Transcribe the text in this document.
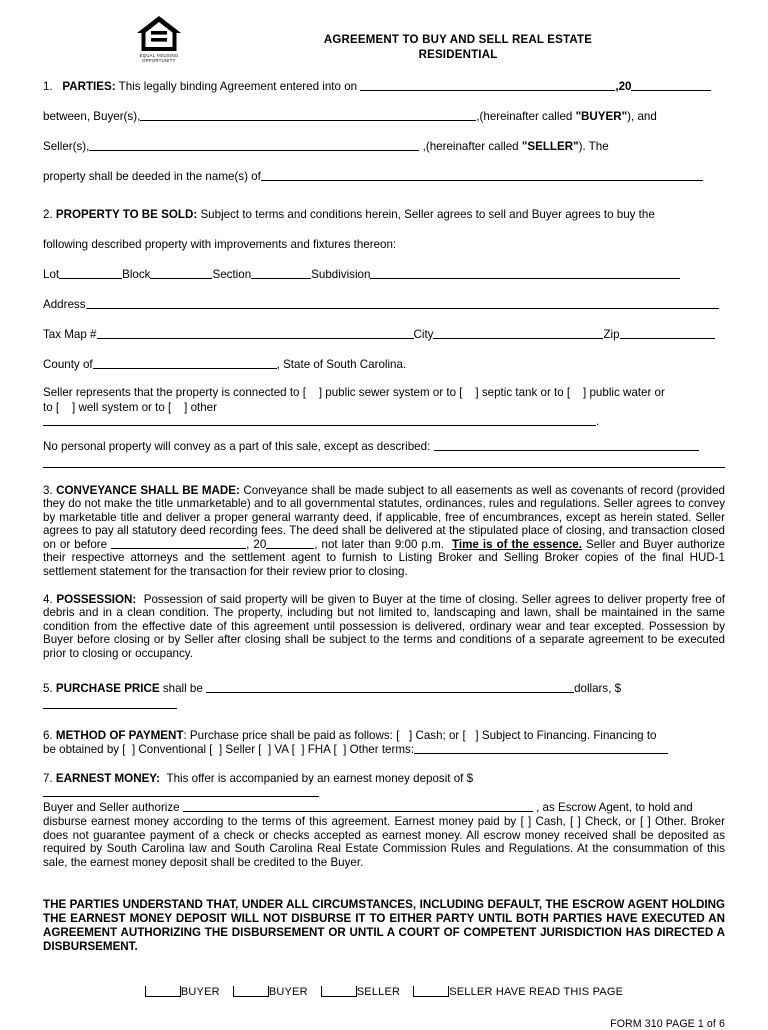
EQUAL HOUSING
OPPORTUNITY
AGREEMENT TO BUY AND SELL REAL ESTATE
RESIDENTIAL
1. PARTIES: This legally binding Agreement entered into on	,20
between, Buyer(s),	,(hereinafter called "BUYER"), and
Seller(s),	,(hereinafter called "SELLER"). The
property shall be deeded in the name(s) of
2. PROPERTY TO BE SOLD: Subject to terms and conditions herein, Seller agrees to sell and Buyer agrees to buy the
following described property with improvements and fixtures thereon:
Lot	Block	Section	Subdivision
Address
Tax Map #	City	Zip
County of	, State of South Carolina.
Seller represents that the property is connected to [ ] public sewer system or to [ ] septic tank or to [ ] public water or
to [ ] well system or to [ ] other.
No personal property will convey as a part of this sale, except as described:
3. CONVEYANCE SHALL BE MADE: Conveyance shall be made subject to all easements as well as covenants of record (provided they do not make the title unmarketable) and to all governmental statutes, ordinances, rules and regulations. Seller agrees to convey by marketable title and deliver a proper general warranty deed, if applicable, free of encumbrances, except as herein stated. Seller agrees to pay all statutory deed recording fees. The deed shall be delivered at the stipulated place of closing, and transaction closed on or before	, 20	, not later than 9:00 p.m. Time is of the essence. Seller and Buyer authorize their respective attorneys and the settlement agent to furnish to Listing Broker and Selling Broker copies of the final HUD-1 settlement statement for the transaction for their review prior to closing.
4. POSSESSION: Possession of said property will be given to Buyer at the time of closing. Seller agrees to deliver property free of debris and in a clean condition. The property, including but not limited to, landscaping and lawn, shall be maintained in the same condition from the effective date of this agreement until possession is delivered, ordinary wear and tear excepted. Possession by Buyer before closing or by Seller after closing shall be subject to the terms and conditions of a separate agreement to be executed prior to closing or occupancy.
5. PURCHASE PRICE shall be	dollars, $
6. METHOD OF PAYMENT: Purchase price shall be paid as follows: [ ] Cash; or [ ] Subject to Financing. Financing to
be obtained by [ ] Conventional [ ] Seller [ ] VA [ ] FHA [ ] Other terms:
7. EARNEST MONEY: This offer is accompanied by an earnest money deposit of $
Buyer and Seller authorize	, as Escrow Agent, to hold and
disburse earnest money according to the terms of this agreement. Earnest money paid by [ ] Cash, [ ] Check, or [ ] Other. Broker does not guarantee payment of a check or checks accepted as earnest money. All escrow money received shall be deposited as required by South Carolina law and South Carolina Real Estate Commission Rules and Regulations. At the consummation of this sale, the earnest money deposit shall be credited to the Buyer.
THE PARTIES UNDERSTAND THAT, UNDER ALL CIRCUMSTANCES, INCLUDING DEFAULT, THE ESCROW AGENT HOLDING THE EARNEST MONEY DEPOSIT WILL NOT DISBURSE IT TO EITHER PARTY UNTIL BOTH PARTIES HAVE EXECUTED AN AGREEMENT AUTHORIZING THE DISBURSEMENT OR UNTIL A COURT OF COMPETENT JURISDICTION HAS DIRECTED A DISBURSEMENT.
BUYER	BUYER	SELLER	SELLER HAVE READ THIS PAGE
FORM 310 PAGE 1 of 6
